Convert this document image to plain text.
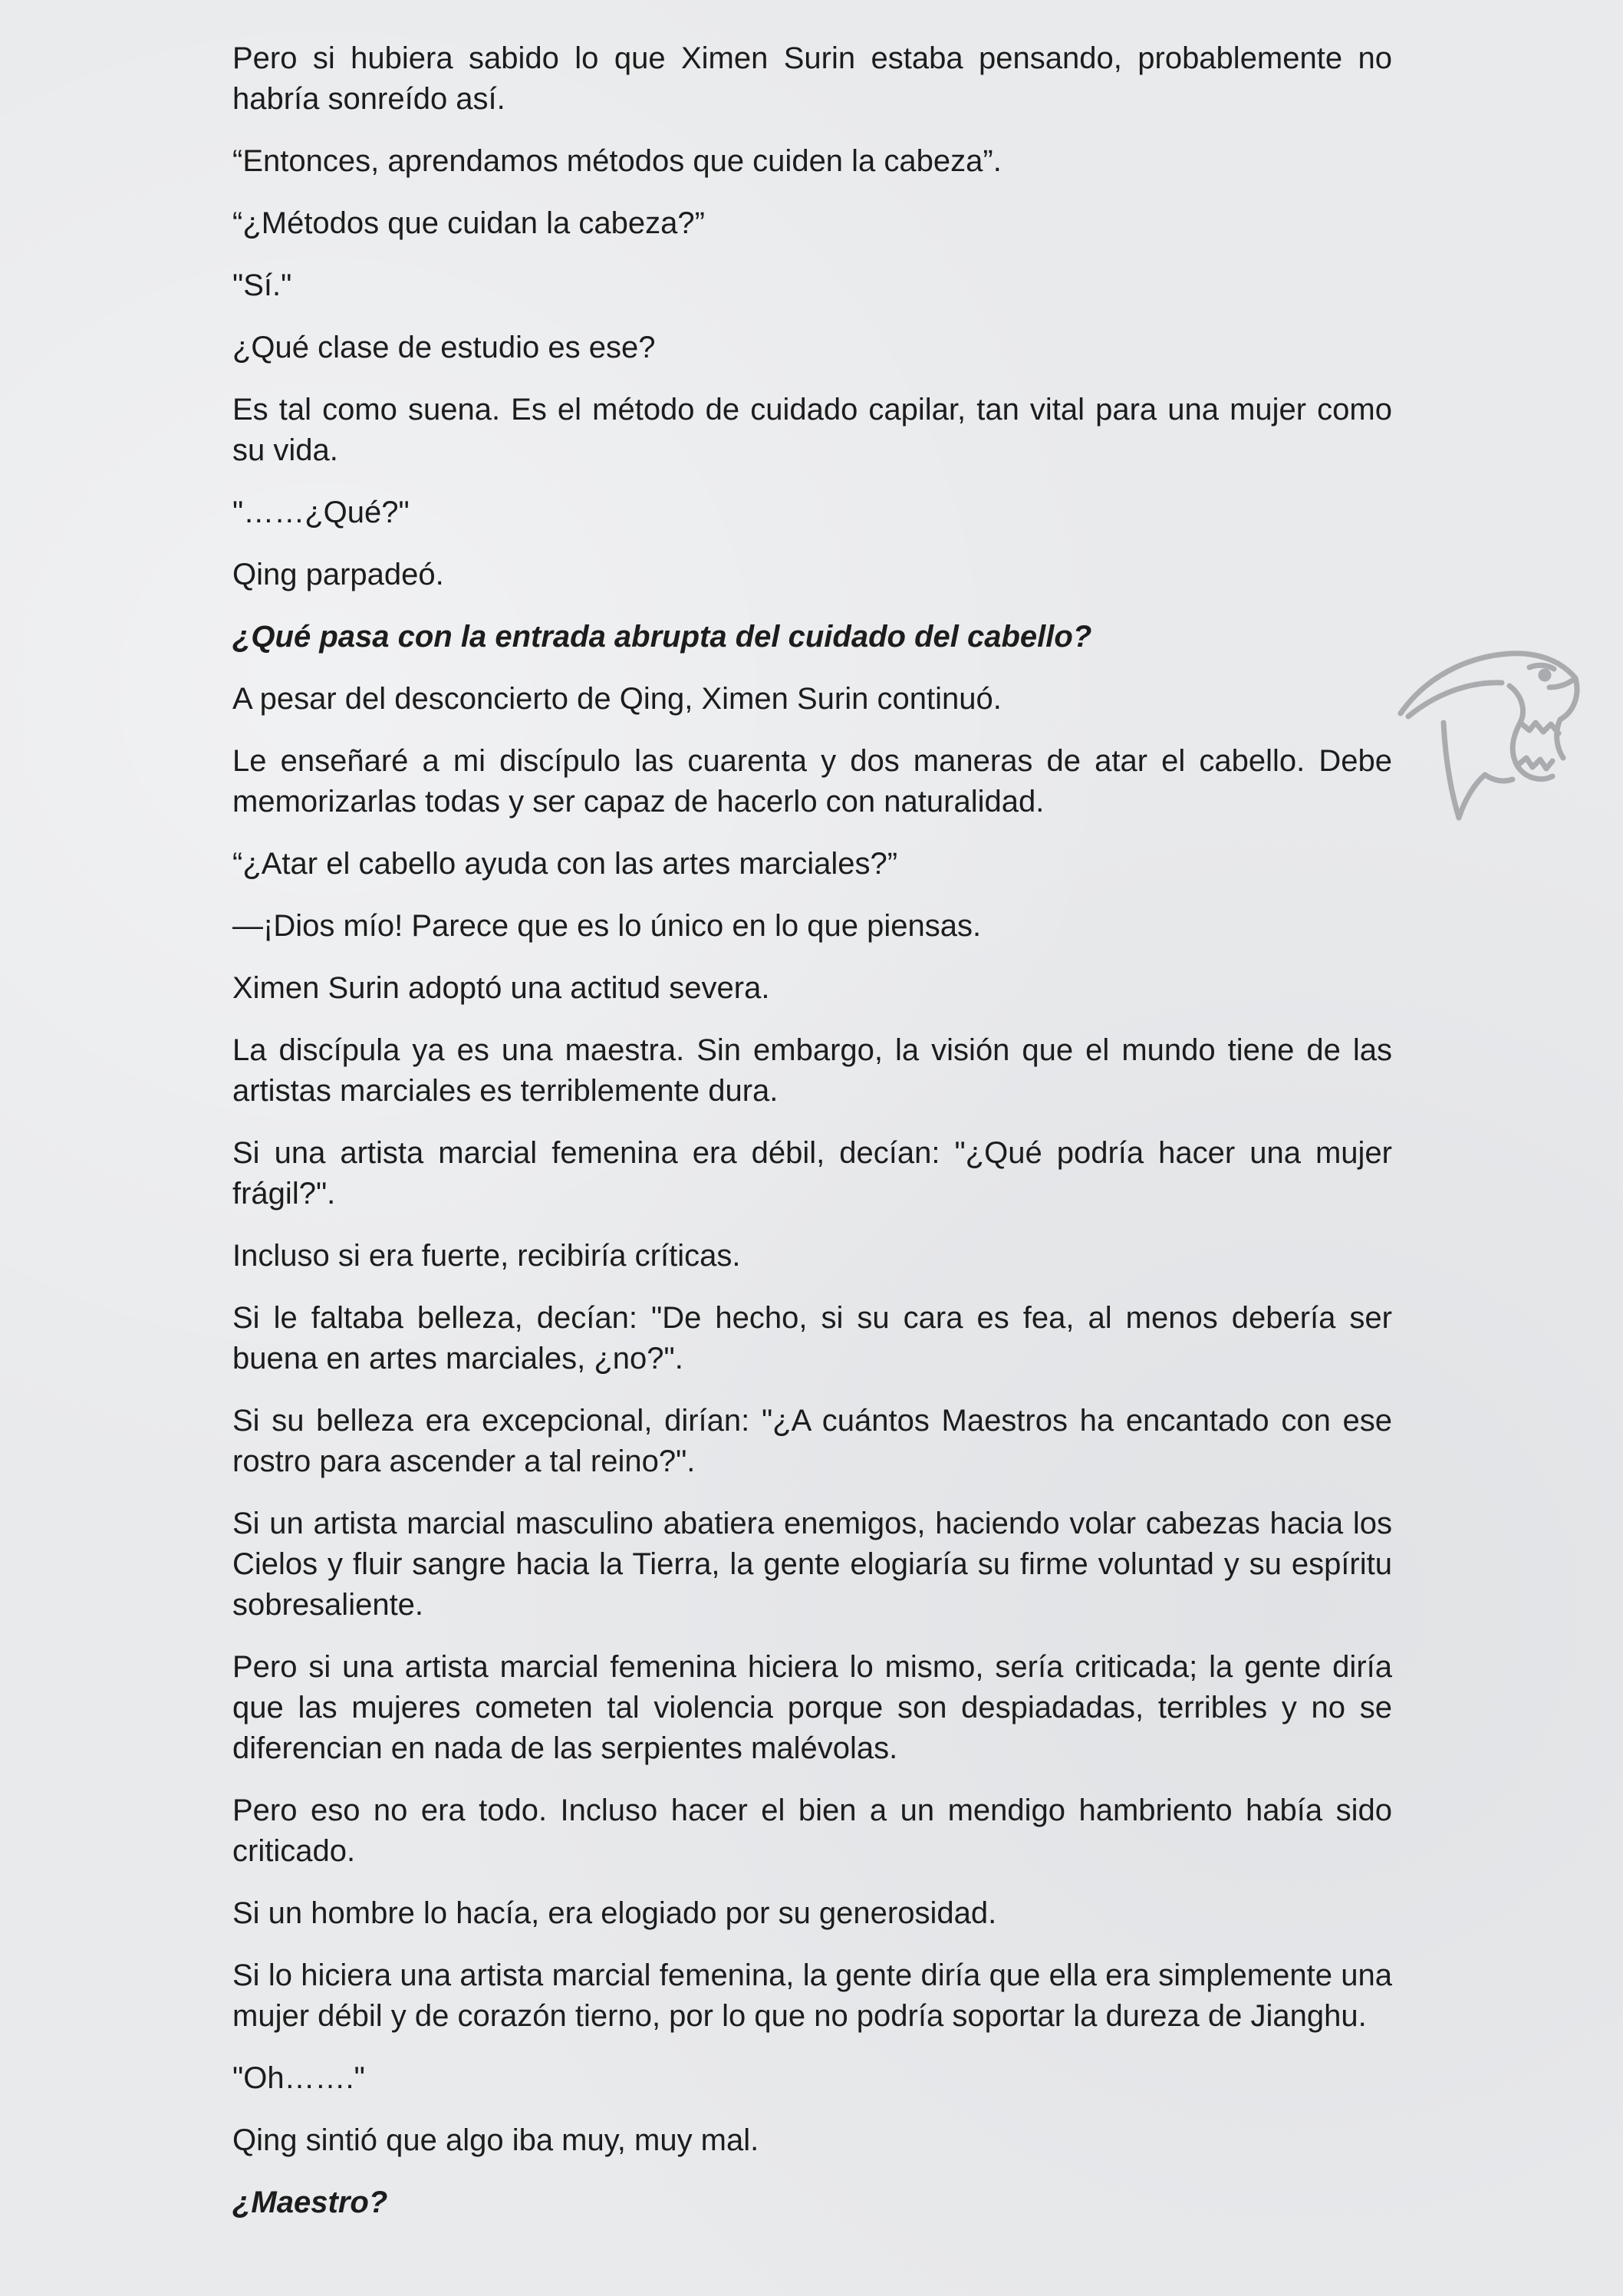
Pero si hubiera sabido lo que Ximen Surin estaba pensando, probablemente no habría sonreído así.

“Entonces, aprendamos métodos que cuiden la cabeza”.

“¿Métodos que cuidan la cabeza?”

"Sí."

¿Qué clase de estudio es ese?

Es tal como suena. Es el método de cuidado capilar, tan vital para una mujer como su vida.

"……¿Qué?"

Qing parpadeó.

¿Qué pasa con la entrada abrupta del cuidado del cabello?

A pesar del desconcierto de Qing, Ximen Surin continuó.

Le enseñaré a mi discípulo las cuarenta y dos maneras de atar el cabello. Debe memorizarlas todas y ser capaz de hacerlo con naturalidad.

“¿Atar el cabello ayuda con las artes marciales?”

—¡Dios mío! Parece que es lo único en lo que piensas.

Ximen Surin adoptó una actitud severa.

La discípula ya es una maestra. Sin embargo, la visión que el mundo tiene de las artistas marciales es terriblemente dura.

Si una artista marcial femenina era débil, decían: "¿Qué podría hacer una mujer frágil?".

Incluso si era fuerte, recibiría críticas.

Si le faltaba belleza, decían: "De hecho, si su cara es fea, al menos debería ser buena en artes marciales, ¿no?".

Si su belleza era excepcional, dirían: "¿A cuántos Maestros ha encantado con ese rostro para ascender a tal reino?".

Si un artista marcial masculino abatiera enemigos, haciendo volar cabezas hacia los Cielos y fluir sangre hacia la Tierra, la gente elogiaría su firme voluntad y su espíritu sobresaliente.

Pero si una artista marcial femenina hiciera lo mismo, sería criticada; la gente diría que las mujeres cometen tal violencia porque son despiadadas, terribles y no se diferencian en nada de las serpientes malévolas.

Pero eso no era todo. Incluso hacer el bien a un mendigo hambriento había sido criticado.

Si un hombre lo hacía, era elogiado por su generosidad.

Si lo hiciera una artista marcial femenina, la gente diría que ella era simplemente una mujer débil y de corazón tierno, por lo que no podría soportar la dureza de Jianghu.

"Oh……."

Qing sintió que algo iba muy, muy mal.

¿Maestro?
